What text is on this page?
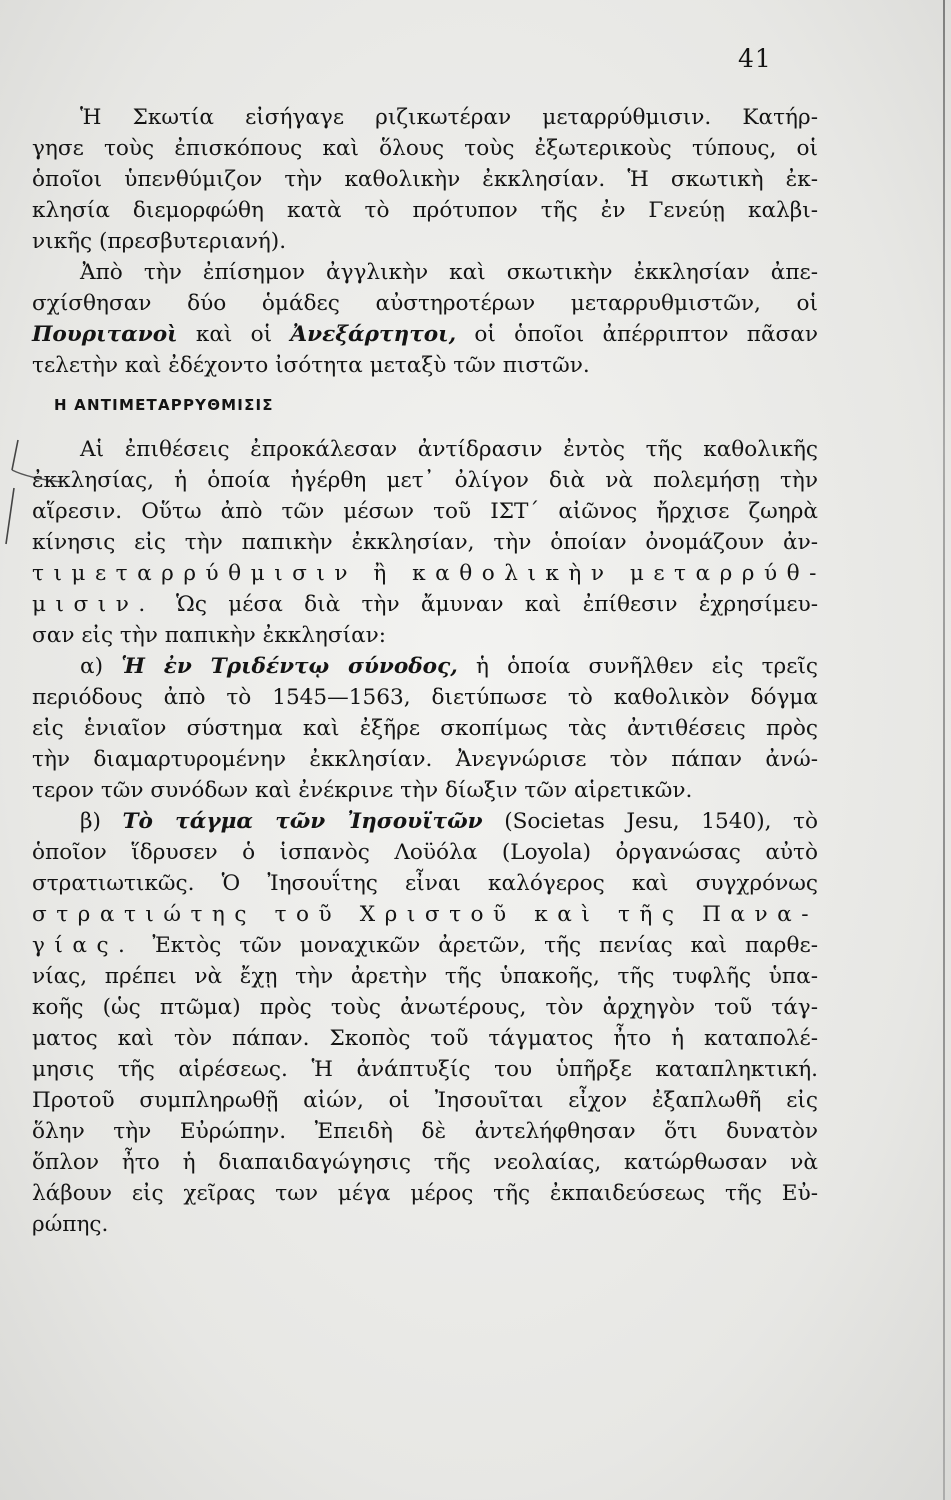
41
Ἡ Σκωτία εἰσήγαγε ριζικωτέραν μεταρρύθμισιν. Κατήρ-
γησε τοὺς ἐπισκόπους καὶ ὅλους τοὺς ἐξωτερικοὺς τύπους, οἱ
ὁποῖοι ὑπενθύμιζον τὴν καθολικὴν ἐκκλησίαν. Ἡ σκωτικὴ ἐκ-
κλησία διεμορφώθη κατὰ τὸ πρότυπον τῆς ἐν Γενεύῃ καλβι-
νικῆς (πρεσβυτεριανή).
Ἀπὸ τὴν ἐπίσημον ἀγγλικὴν καὶ σκωτικὴν ἐκκλησίαν ἀπε-
σχίσθησαν δύο ὁμάδες αὐστηροτέρων μεταρρυθμιστῶν, οἱ
Πουριτανοὶ καὶ οἱ Ἀνεξάρτητοι, οἱ ὁποῖοι ἀπέρριπτον πᾶσαν
τελετὴν καὶ ἐδέχοντο ἰσότητα μεταξὺ τῶν πιστῶν.
Η ΑΝΤΙΜΕΤΑΡΡΥΘΜΙΣΙΣ
Αἱ ἐπιθέσεις ἐπροκάλεσαν ἀντίδρασιν ἐντὸς τῆς καθολικῆς
ἐκκλησίας, ἡ ὁποία ἠγέρθη μετ᾽ ὀλίγον διὰ νὰ πολεμήσῃ τὴν
αἵρεσιν. Οὕτω ἀπὸ τῶν μέσων τοῦ ΙΣΤ´ αἰῶνος ἤρχισε ζωηρὰ
κίνησις εἰς τὴν παπικὴν ἐκκλησίαν, τὴν ὁποίαν ὀνομάζουν ἀν-
τιμεταρρύθμισιν ἢ καθολικὴν μεταρρύθ-
μισιν. Ὡς μέσα διὰ τὴν ἄμυναν καὶ ἐπίθεσιν ἐχρησίμευ-
σαν εἰς τὴν παπικὴν ἐκκλησίαν:
α) Ἡ ἐν Τριδέντῳ σύνοδος, ἡ ὁποία συνῆλθεν εἰς τρεῖς
περιόδους ἀπὸ τὸ 1545—1563, διετύπωσε τὸ καθολικὸν δόγμα
εἰς ἑνιαῖον σύστημα καὶ ἐξῆρε σκοπίμως τὰς ἀντιθέσεις πρὸς
τὴν διαμαρτυρομένην ἐκκλησίαν. Ἀνεγνώρισε τὸν πάπαν ἀνώ-
τερον τῶν συνόδων καὶ ἐνέκρινε τὴν δίωξιν τῶν αἱρετικῶν.
β) Τὸ τάγμα τῶν Ἰησουϊτῶν (Societas Jesu, 1540), τὸ
ὁποῖον ἵδρυσεν ὁ ἱσπανὸς Λοϋόλα (Loyola) ὀργανώσας αὐτὸ
στρατιωτικῶς. Ὁ Ἰησουΐτης εἶναι καλόγερος καὶ συγχρόνως
στρατιώτης τοῦ Χριστοῦ καὶ τῆς Πανα-
γίας. Ἐκτὸς τῶν μοναχικῶν ἀρετῶν, τῆς πενίας καὶ παρθε-
νίας, πρέπει νὰ ἔχῃ τὴν ἀρετὴν τῆς ὑπακοῆς, τῆς τυφλῆς ὑπα-
κοῆς (ὡς πτῶμα) πρὸς τοὺς ἀνωτέρους, τὸν ἀρχηγὸν τοῦ τάγ-
ματος καὶ τὸν πάπαν. Σκοπὸς τοῦ τάγματος ἦτο ἡ καταπολέ-
μησις τῆς αἱρέσεως. Ἡ ἀνάπτυξίς του ὑπῆρξε καταπληκτική.
Προτοῦ συμπληρωθῇ αἰών, οἱ Ἰησουῖται εἶχον ἐξαπλωθῆ εἰς
ὅλην τὴν Εὐρώπην. Ἐπειδὴ δὲ ἀντελήφθησαν ὅτι δυνατὸν
ὅπλον ἦτο ἡ διαπαιδαγώγησις τῆς νεολαίας, κατώρθωσαν νὰ
λάβουν εἰς χεῖρας των μέγα μέρος τῆς ἐκπαιδεύσεως τῆς Εὐ-
ρώπης.
